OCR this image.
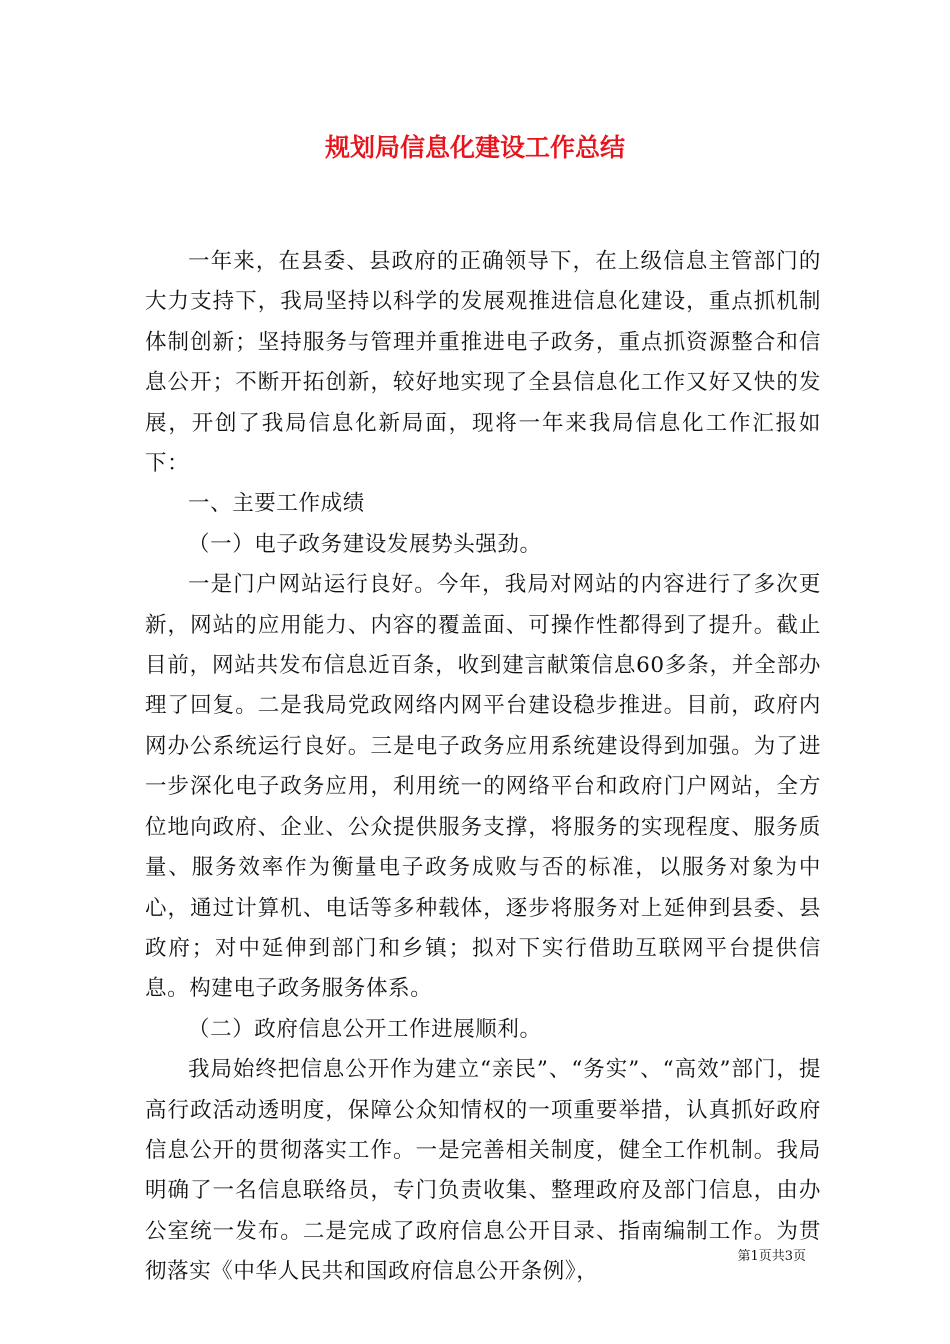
规划局信息化建设工作总结

一年来，在县委、县政府的正确领导下，在上级信息主管部门的大力支持下，我局坚持以科学的发展观推进信息化建设，重点抓机制体制创新；坚持服务与管理并重推进电子政务，重点抓资源整合和信息公开；不断开拓创新，较好地实现了全县信息化工作又好又快的发展，开创了我局信息化新局面，现将一年来我局信息化工作汇报如下：

一、主要工作成绩

（一）电子政务建设发展势头强劲。

一是门户网站运行良好。今年，我局对网站的内容进行了多次更新，网站的应用能力、内容的覆盖面、可操作性都得到了提升。截止目前，网站共发布信息近百条，收到建言献策信息60多条，并全部办理了回复。二是我局党政网络内网平台建设稳步推进。目前，政府内网办公系统运行良好。三是电子政务应用系统建设得到加强。为了进一步深化电子政务应用，利用统一的网络平台和政府门户网站，全方位地向政府、企业、公众提供服务支撑，将服务的实现程度、服务质量、服务效率作为衡量电子政务成败与否的标准，以服务对象为中心，通过计算机、电话等多种载体，逐步将服务对上延伸到县委、县政府；对中延伸到部门和乡镇；拟对下实行借助互联网平台提供信息。构建电子政务服务体系。

（二）政府信息公开工作进展顺利。

我局始终把信息公开作为建立“亲民”、“务实”、“高效”部门，提高行政活动透明度，保障公众知情权的一项重要举措，认真抓好政府信息公开的贯彻落实工作。一是完善相关制度，健全工作机制。我局明确了一名信息联络员，专门负责收集、整理政府及部门信息，由办公室统一发布。二是完成了政府信息公开目录、指南编制工作。为贯彻落实《中华人民共和国政府信息公开条例》，

第1页共3页
